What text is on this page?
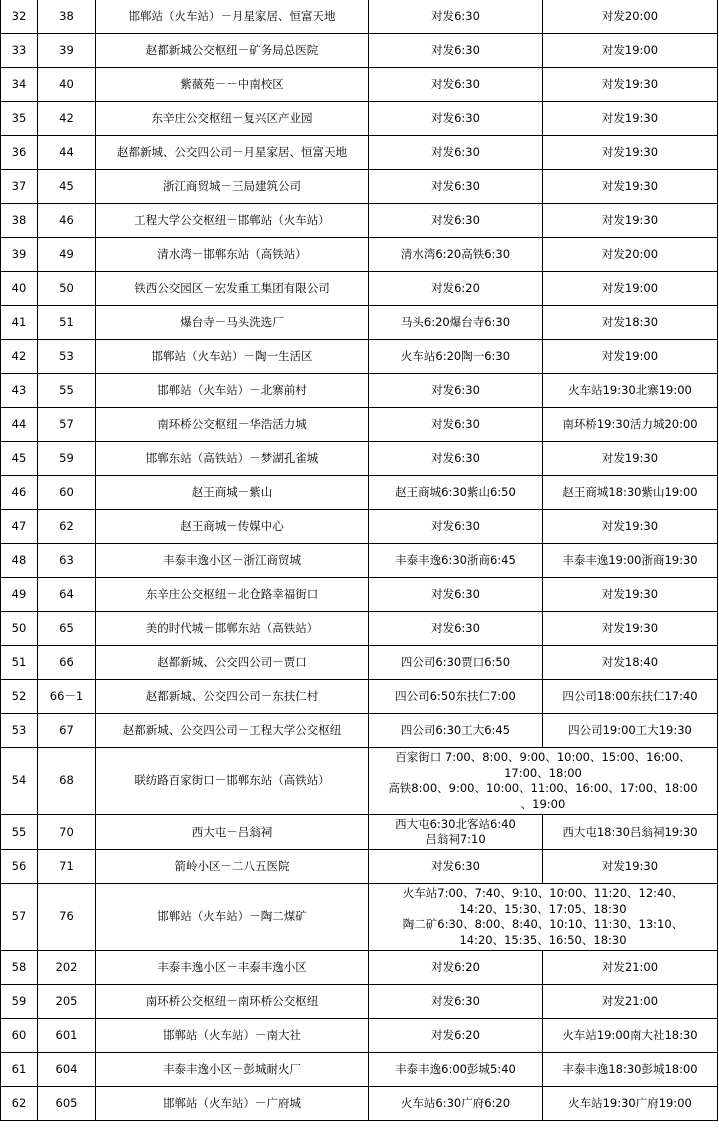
32	38	邯郸站（火车站）－月星家居、恒富天地	对发6:30	对发20:00

33	39	赵都新城公交枢纽－矿务局总医院	对发6:30	对发19:00

34	40	紫薇苑－－中南校区	对发6:30	对发19:30

35	42	东辛庄公交枢纽－复兴区产业园	对发6:30	对发19:30

36	44	赵都新城、公交四公司－月星家居、恒富天地	对发6:30	对发19:30

37	45	浙江商贸城－三局建筑公司	对发6:30	对发19:30

38	46	工程大学公交枢纽－邯郸站（火车站）	对发6:30	对发19:30

39	49	清水湾－邯郸东站（高铁站）	清水湾6:20高铁6:30	对发20:00

40	50	铁西公交园区－宏发重工集团有限公司	对发6:20	对发19:00

41	51	爆台寺－马头洗选厂	马头6:20爆台寺6:30	对发18:30

42	53	邯郸站（火车站）－陶一生活区	火车站6:20陶一6:30	对发19:00

43	55	邯郸站（火车站）－北寨前村	对发6:30	火车站19:30北寨19:00

44	57	南环桥公交枢纽－华浩活力城	对发6:30	南环桥19:30活力城20:00

45	59	邯郸东站（高铁站）－梦湖孔雀城	对发6:30	对发19:30

46	60	赵王商城－紫山	赵王商城6:30紫山6:50	赵王商城18:30紫山19:00

47	62	赵王商城－传媒中心	对发6:30	对发19:30

48	63	丰泰丰逸小区－浙江商贸城	丰泰丰逸6:30浙商6:45	丰泰丰逸19:00浙商19:30

49	64	东辛庄公交枢纽－北仓路幸福街口	对发6:30	对发19:30

50	65	美的时代城－邯郸东站（高铁站）	对发6:30	对发19:30

51	66	赵都新城、公交四公司－贾口	四公司6:30贾口6:50	对发18:40

52	66－1	赵都新城、公交四公司－东扶仁村	四公司6:50东扶仁7:00	四公司18:00东扶仁17:40

53	67	赵都新城、公交四公司－工程大学公交枢纽	四公司6:30工大6:45	四公司19:00工大19:30

54	68	联纺路百家街口－邯郸东站（高铁站）	百家街口 7:00、8:00、9:00、10:00、15:00、16:00、
17:00、18:00
高铁8:00、9:00、10:00、11:00、16:00、17:00、18:00
、19:00	

55	70	西大屯－吕翁祠	西大屯6:30北客站6:40
吕翁祠7:10	西大屯18:30吕翁祠19:30

56	71	箭岭小区－二八五医院	对发6:30	对发19:30

57	76	邯郸站（火车站）－陶二煤矿	火车站7:00、7:40、9:10、10:00、11:20、12:40、
14:20、15:30、17:05、18:30
陶二矿6:30、8:00、8:40、10:10、11:30、13:10、
14:20、15:35、16:50、18:30	

58	202	丰泰丰逸小区－丰泰丰逸小区	对发6:20	对发21:00

59	205	南环桥公交枢纽－南环桥公交枢纽	对发6:30	对发21:00

60	601	邯郸站（火车站）－南大社	对发6:20	火车站19:00南大社18:30

61	604	丰泰丰逸小区－彭城耐火厂	丰泰丰逸6:00彭城5:40	丰泰丰逸18:30彭城18:00

62	605	邯郸站（火车站）－广府城	火车站6:30广府6:20	火车站19:30广府19:00
